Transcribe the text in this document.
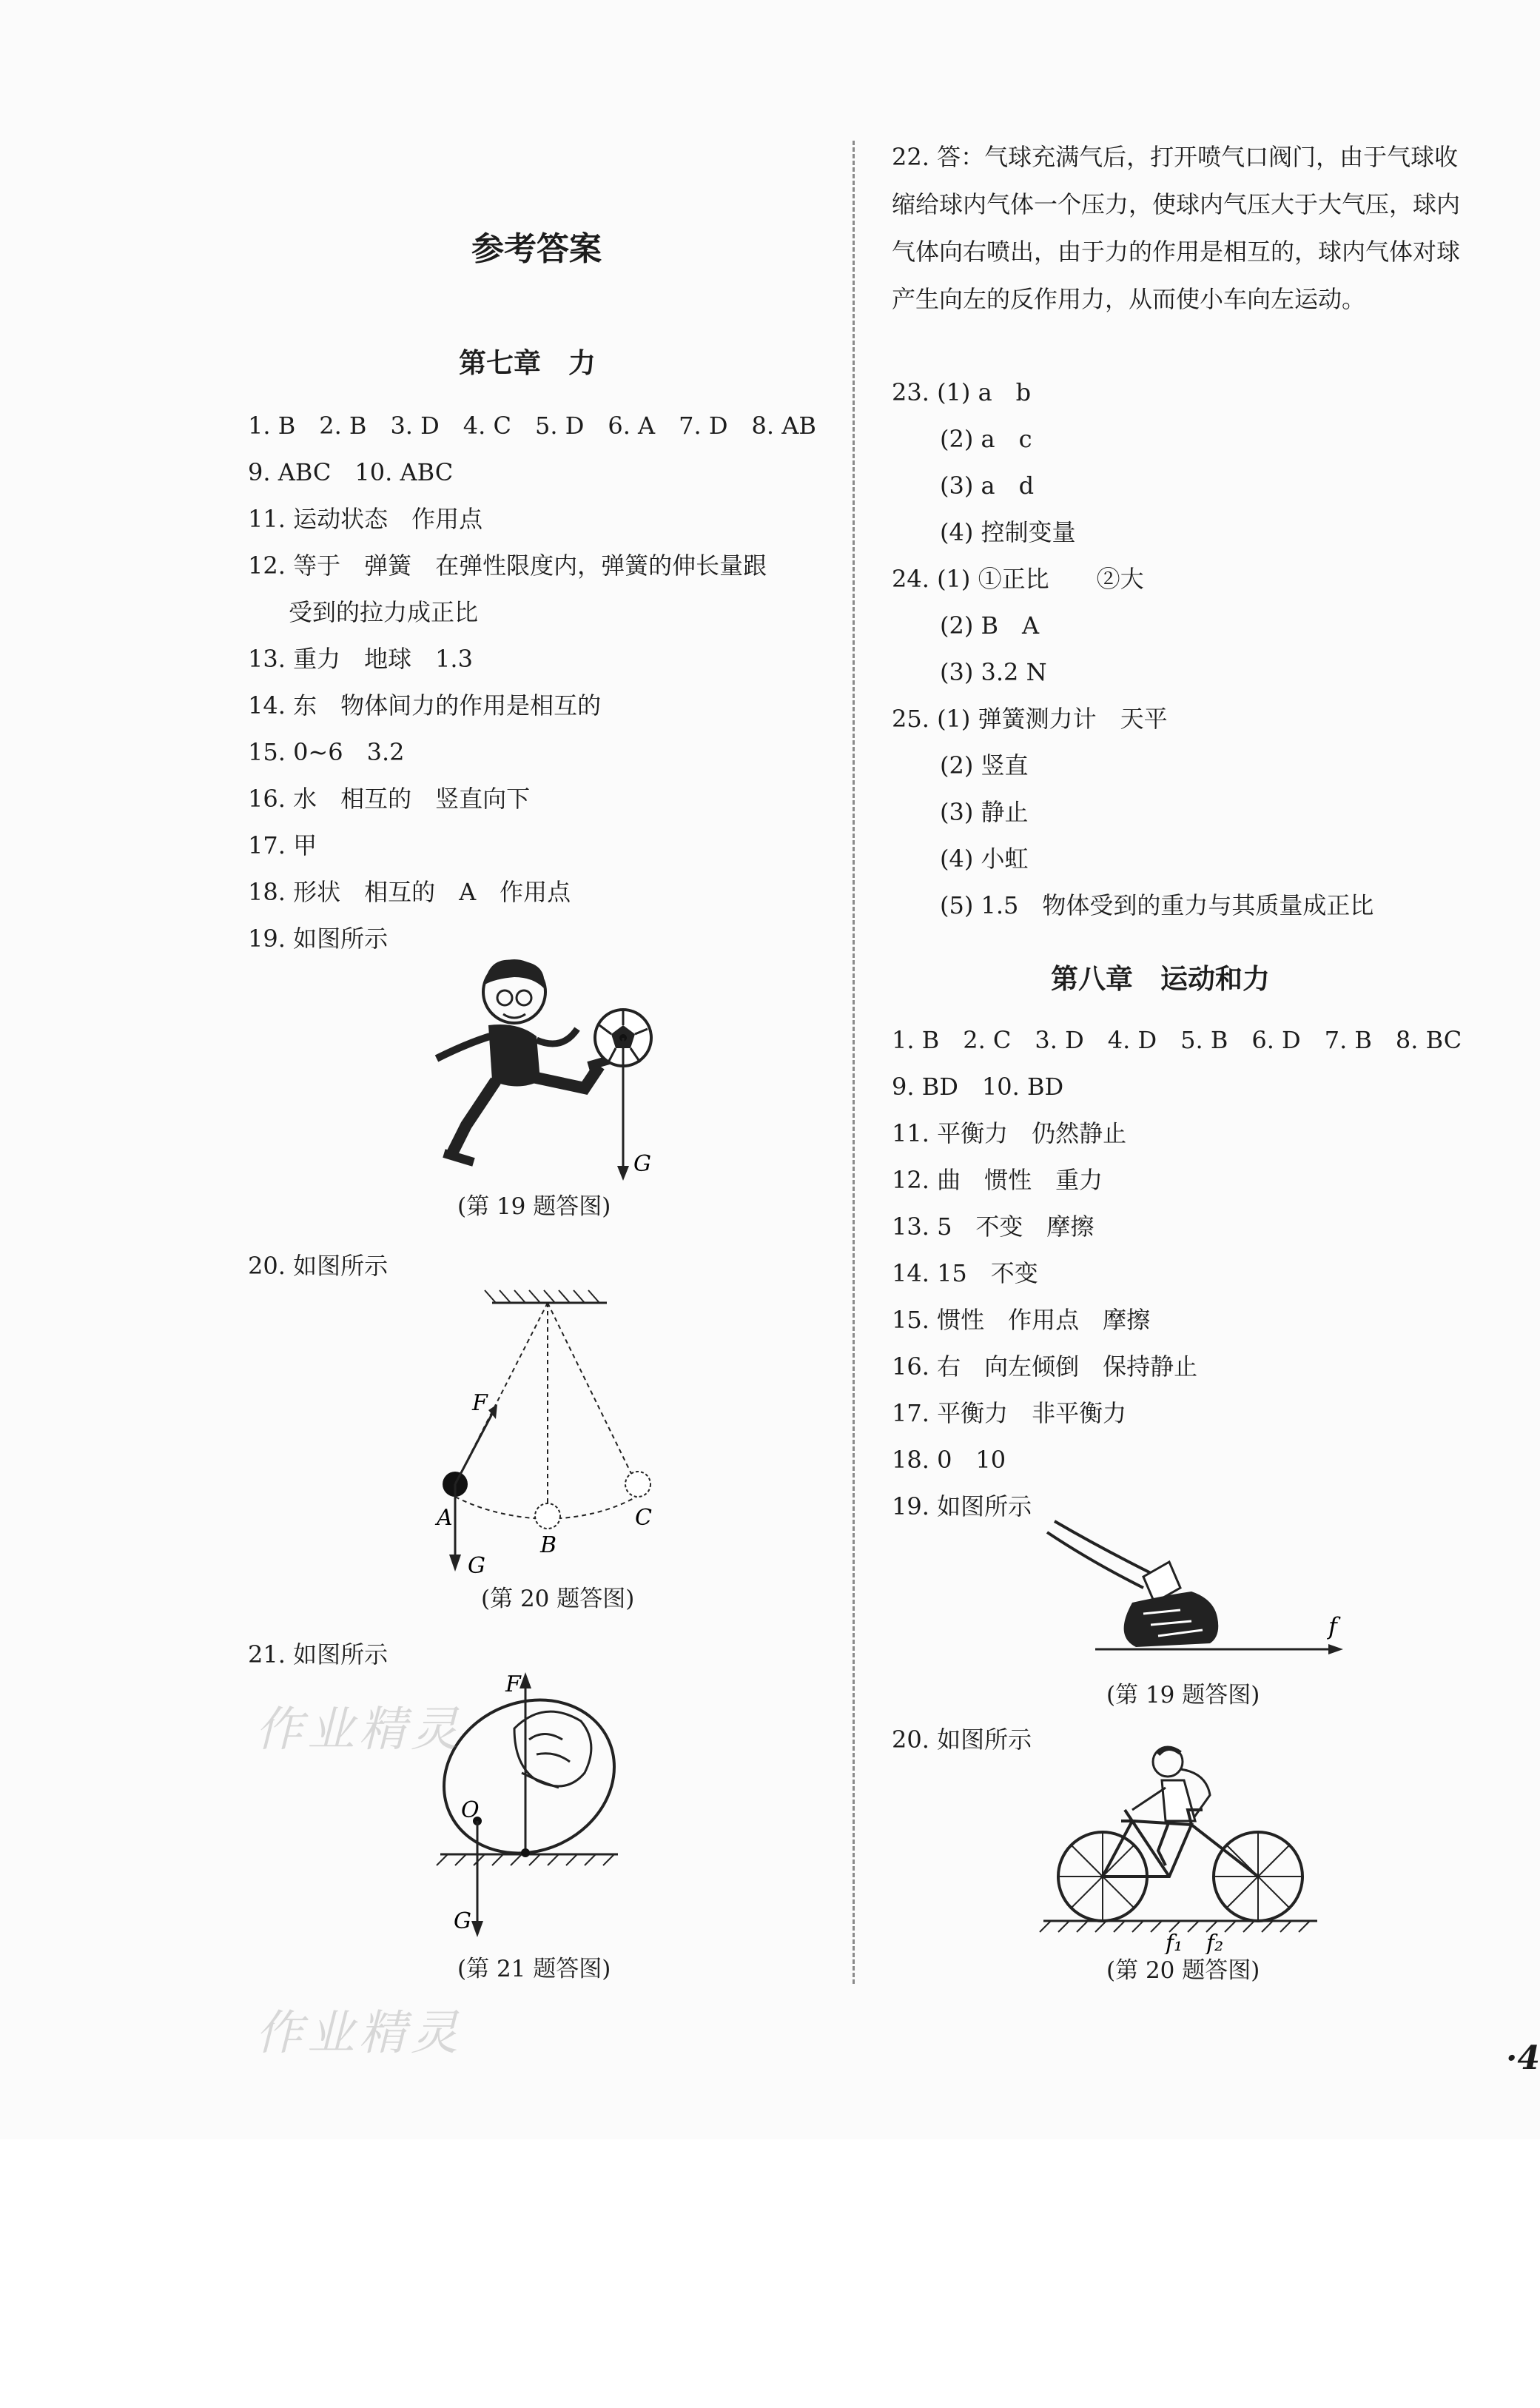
参考答案
第七章　力
1. B　2. B　3. D　4. C　5. D　6. A　7. D　8. AB
9. ABC　10. ABC
11. 运动状态　作用点
12. 等于　弹簧　在弹性限度内，弹簧的伸长量跟
受到的拉力成正比
13. 重力　地球　1.3
14. 东　物体间力的作用是相互的
15. 0~6　3.2
16. 水　相互的　竖直向下
17. 甲
18. 形状　相互的　A　作用点
19. 如图所示
G
(第 19 题答图)
20. 如图所示
F
A
B
C
G
(第 20 题答图)
21. 如图所示
F
O
G
(第 21 题答图)
22. 答：气球充满气后，打开喷气口阀门，由于气球收缩给球内气体一个压力，使球内气压大于大气压，球内气体向右喷出，由于力的作用是相互的，球内气体对球产生向左的反作用力，从而使小车向左运动。
23. (1) a　b
(2) a　c
(3) a　d
(4) 控制变量
24. (1) ①正比　　②大
(2) B　A
(3) 3.2 N
25. (1) 弹簧测力计　天平
(2) 竖直
(3) 静止
(4) 小虹
(5) 1.5　物体受到的重力与其质量成正比
第八章　运动和力
1. B　2. C　3. D　4. D　5. B　6. D　7. B　8. BC
9. BD　10. BD
11. 平衡力　仍然静止
12. 曲　惯性　重力
13. 5　不变　摩擦
14. 15　不变
15. 惯性　作用点　摩擦
16. 右　向左倾倒　保持静止
17. 平衡力　非平衡力
18. 0　10
19. 如图所示
f
(第 19 题答图)
20. 如图所示
f₁ f₂
(第 20 题答图)
·4
作业精灵
作业精灵
